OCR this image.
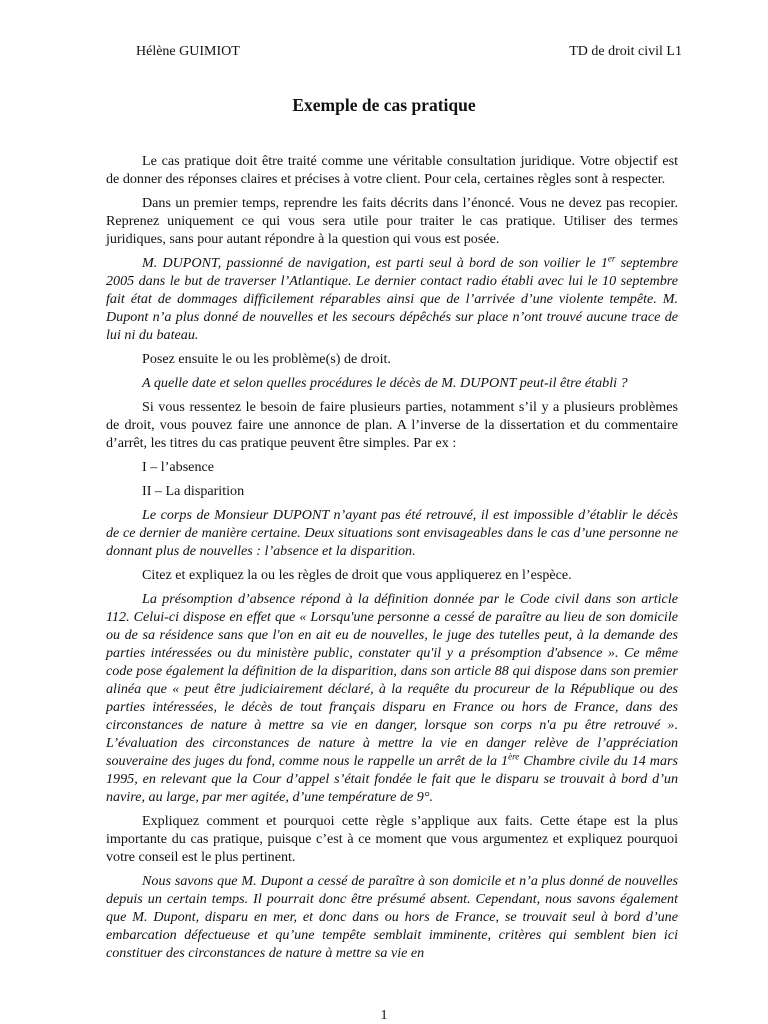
Hélène GUIMIOT	TD de droit civil L1
Exemple de cas pratique

Le cas pratique doit être traité comme une véritable consultation juridique. Votre objectif est de donner des réponses claires et précises à votre client. Pour cela, certaines règles sont à respecter.

Dans un premier temps, reprendre les faits décrits dans l’énoncé. Vous ne devez pas recopier. Reprenez uniquement ce qui vous sera utile pour traiter le cas pratique. Utiliser des termes juridiques, sans pour autant répondre à la question qui vous est posée.

M. DUPONT, passionné de navigation, est parti seul à bord de son voilier le 1er septembre 2005 dans le but de traverser l’Atlantique. Le dernier contact radio établi avec lui le 10 septembre fait état de dommages difficilement réparables ainsi que de l’arrivée d’une violente tempête. M. Dupont n’a plus donné de nouvelles et les secours dépêchés sur place n’ont trouvé aucune trace de lui ni du bateau.

Posez ensuite le ou les problème(s) de droit.

A quelle date et selon quelles procédures le décès de M. DUPONT peut-il être établi ?

Si vous ressentez le besoin de faire plusieurs parties, notamment s’il y a plusieurs problèmes de droit, vous pouvez faire une annonce de plan. A l’inverse de la dissertation et du commentaire d’arrêt, les titres du cas pratique peuvent être simples. Par ex :

I – l’absence

II – La disparition

Le corps de Monsieur DUPONT n’ayant pas été retrouvé, il est impossible d’établir le décès de ce dernier de manière certaine. Deux situations sont envisageables dans le cas d’une personne ne donnant plus de nouvelles : l’absence et la disparition.

Citez et expliquez la ou les règles de droit que vous appliquerez en l’espèce.

La présomption d’absence répond à la définition donnée par le Code civil dans son article 112. Celui-ci dispose en effet que « Lorsqu'une personne a cessé de paraître au lieu de son domicile ou de sa résidence sans que l'on en ait eu de nouvelles, le juge des tutelles peut, à la demande des parties intéressées ou du ministère public, constater qu'il y a présomption d'absence ». Ce même code pose également la définition de la disparition, dans son article 88 qui dispose dans son premier alinéa que « peut être judiciairement déclaré, à la requête du procureur de la République ou des parties intéressées, le décès de tout français disparu en France ou hors de France, dans des circonstances de nature à mettre sa vie en danger, lorsque son corps n'a pu être retrouvé ». L’évaluation des circonstances de nature à mettre la vie en danger relève de l’appréciation souveraine des juges du fond, comme nous le rappelle un arrêt de la 1ère Chambre civile du 14 mars 1995, en relevant que la Cour d’appel s’était fondée le fait que le disparu se trouvait à bord d’un navire, au large, par mer agitée, d’une température de 9°.

Expliquez comment et pourquoi cette règle s’applique aux faits. Cette étape est la plus importante du cas pratique, puisque c’est à ce moment que vous argumentez et expliquez pourquoi votre conseil est le plus pertinent.

Nous savons que M. Dupont a cessé de paraître à son domicile et n’a plus donné de nouvelles depuis un certain temps. Il pourrait donc être présumé absent. Cependant, nous savons également que M. Dupont, disparu en mer, et donc dans ou hors de France, se trouvait seul à bord d’une embarcation défectueuse et qu’une tempête semblait imminente, critères qui semblent bien ici constituer des circonstances de nature à mettre sa vie en

1
